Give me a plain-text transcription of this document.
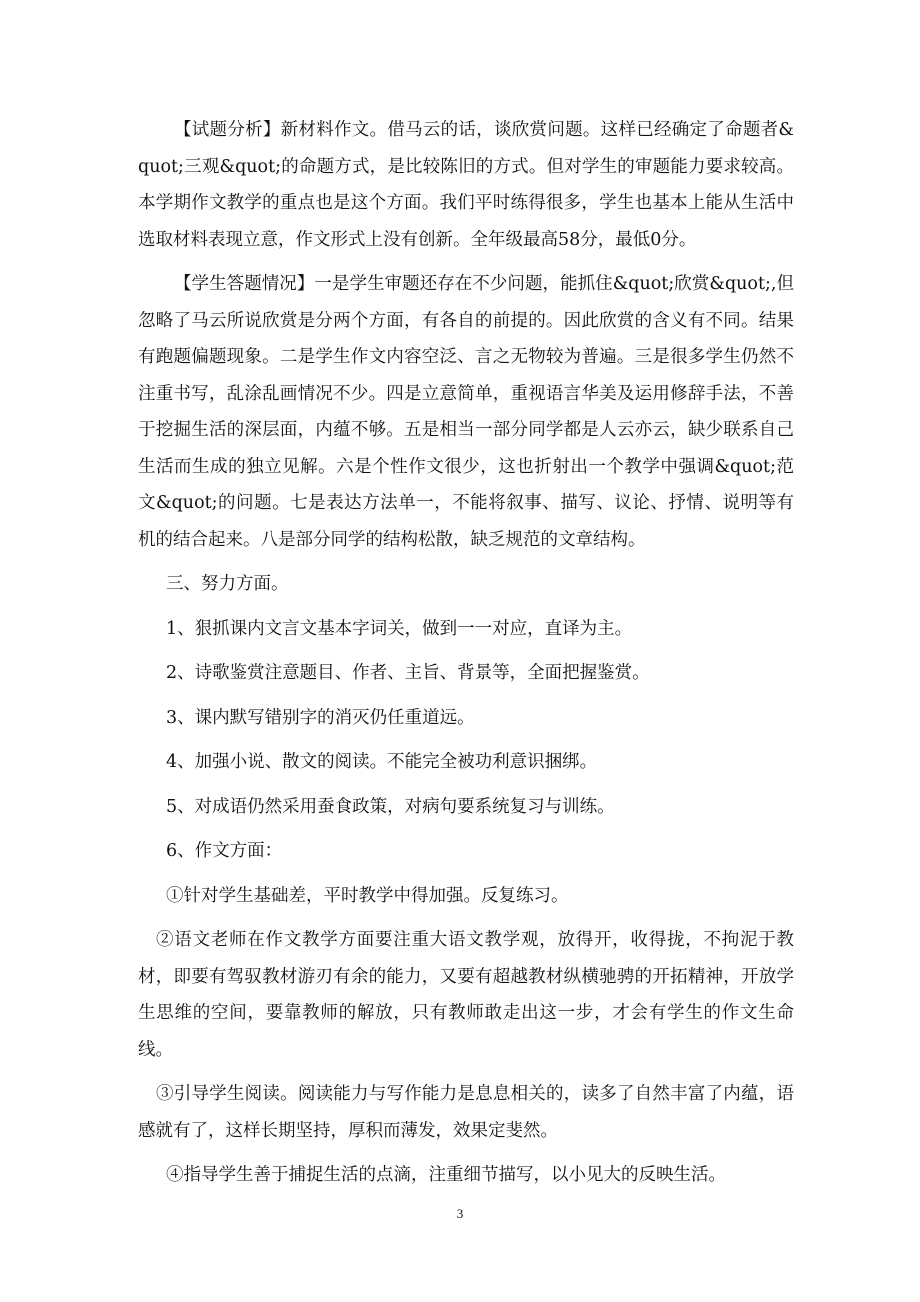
【试题分析】新材料作文。借马云的话，谈欣赏问题。这样已经确定了命题者&quot;三观&quot;的命题方式，是比较陈旧的方式。但对学生的审题能力要求较高。本学期作文教学的重点也是这个方面。我们平时练得很多，学生也基本上能从生活中选取材料表现立意，作文形式上没有创新。全年级最高58分，最低0分。

【学生答题情况】一是学生审题还存在不少问题，能抓住&quot;欣赏&quot;,但忽略了马云所说欣赏是分两个方面，有各自的前提的。因此欣赏的含义有不同。结果有跑题偏题现象。二是学生作文内容空泛、言之无物较为普遍。三是很多学生仍然不注重书写，乱涂乱画情况不少。四是立意简单，重视语言华美及运用修辞手法，不善于挖掘生活的深层面，内蕴不够。五是相当一部分同学都是人云亦云，缺少联系自己生活而生成的独立见解。六是个性作文很少，这也折射出一个教学中强调&quot;范文&quot;的问题。七是表达方法单一，不能将叙事、描写、议论、抒情、说明等有机的结合起来。八是部分同学的结构松散，缺乏规范的文章结构。

三、努力方面。

1、狠抓课内文言文基本字词关，做到一一对应，直译为主。

2、诗歌鉴赏注意题目、作者、主旨、背景等，全面把握鉴赏。

3、课内默写错别字的消灭仍任重道远。

4、加强小说、散文的阅读。不能完全被功利意识捆绑。

5、对成语仍然采用蚕食政策，对病句要系统复习与训练。

6、作文方面：

①针对学生基础差，平时教学中得加强。反复练习。

②语文老师在作文教学方面要注重大语文教学观，放得开，收得拢，不拘泥于教材，即要有驾驭教材游刃有余的能力，又要有超越教材纵横驰骋的开拓精神，开放学生思维的空间，要靠教师的解放，只有教师敢走出这一步，才会有学生的作文生命线。

③引导学生阅读。阅读能力与写作能力是息息相关的，读多了自然丰富了内蕴，语感就有了，这样长期坚持，厚积而薄发，效果定斐然。

④指导学生善于捕捉生活的点滴，注重细节描写，以小见大的反映生活。

3
